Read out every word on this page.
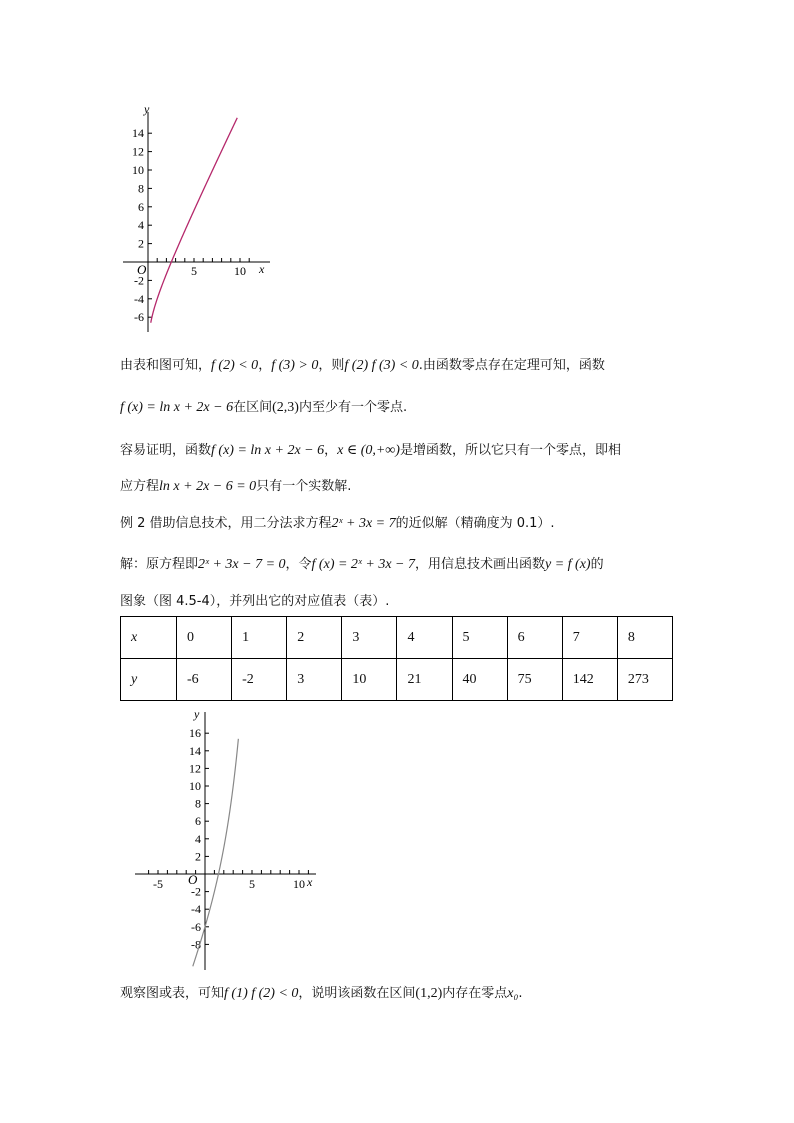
y
x
O
14
12
10
8
6
4
2
-2
-4
-6
5	10
由表和图可知，f (2) < 0，f (3) > 0，则f (2) f (3) < 0.由函数零点存在定理可知，函数
f (x) = ln x + 2x − 6在区间(2,3)内至少有一个零点.
容易证明，函数f (x) = ln x + 2x − 6，x ∈ (0,+∞)是增函数，所以它只有一个零点，即相
应方程ln x + 2x − 6 = 0只有一个实数解.
例 2 借助信息技术，用二分法求方程2ˣ + 3x = 7的近似解（精确度为 0.1）.
解：原方程即2ˣ + 3x − 7 = 0，令f (x) = 2ˣ + 3x − 7，用信息技术画出函数y = f (x)的
图象（图 4.5-4），并列出它的对应值表（表）.
x	0	1	2	3	4	5	6	7	8
y	-6	-2	3	10	21	40	75	142	273
y
x
O
16
14
12
10
8
6
4
2
-2
-4
-6
-8
-5	5	10
观察图或表，可知f (1) f (2) < 0，说明该函数在区间(1,2)内存在零点x₀.
